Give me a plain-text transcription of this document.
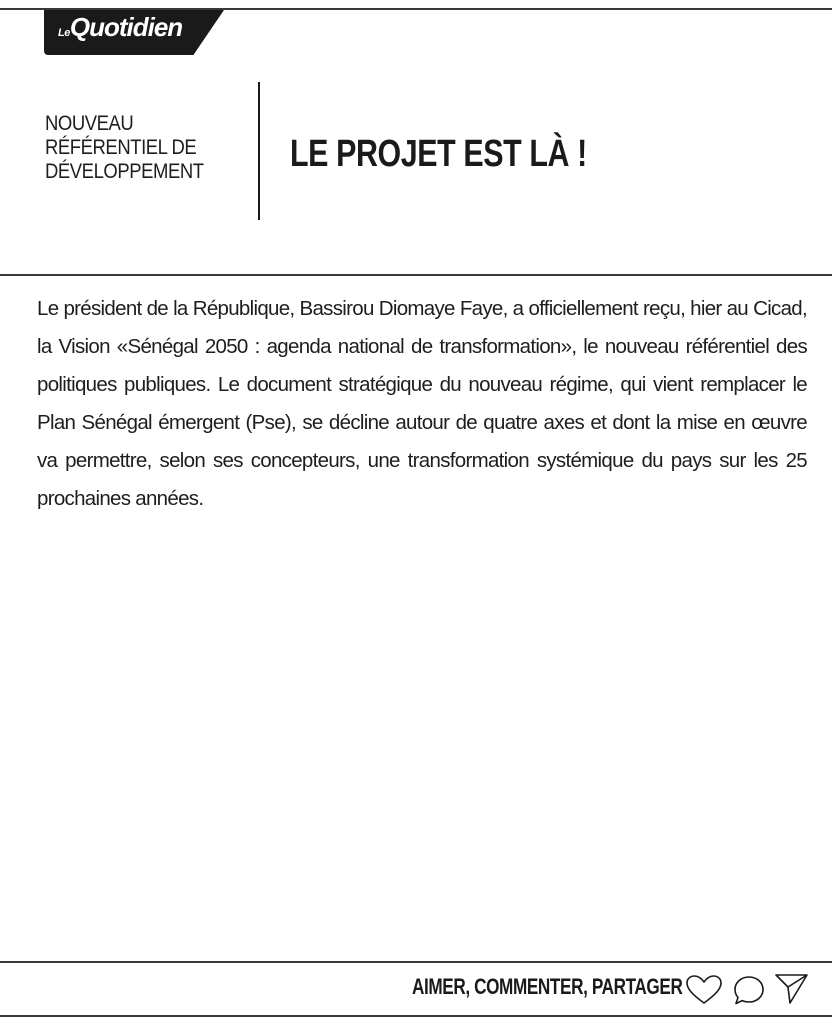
LeQuotidien
NOUVEAU
RÉFÉRENTIEL DE
DÉVELOPPEMENT	LE PROJET EST LÀ !

Le président de la République, Bassirou Diomaye Faye, a officiellement reçu, hier au Cicad, la Vision «Sénégal 2050 : agenda national de transformation», le nouveau référentiel des politiques publiques. Le document stratégique du nouveau régime, qui vient remplacer le Plan Sénégal émergent (Pse), se décline autour de quatre axes et dont la mise en œuvre va permettre, selon ses concepteurs, une transformation systémique du pays sur les 25 prochaines années.

AIMER, COMMENTER, PARTAGER
